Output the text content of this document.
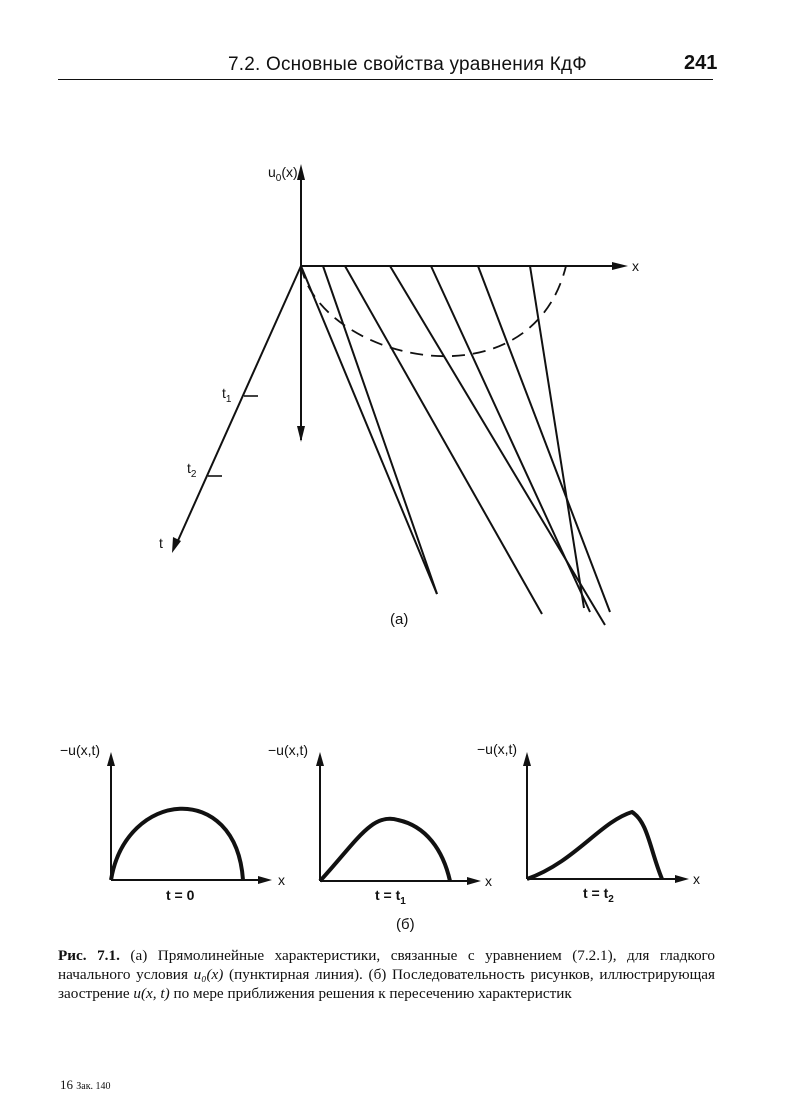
7.2. Основные свойства уравнения КдФ	241
$u_0(x)$
x
t
$t_1$
$t_2$
(а)
−u(x,t)
x
t = 0
−u(x,t)
x
$t = t_1$
−u(x,t)
x
$t = t_2$
(б)
Рис. 7.1. (а) Прямолинейные характеристики, связанные с уравнением (7.2.1), для гладкого начального условия u₀(x) (пунктирная линия). (б) Последовательность рисунков, иллюстрирующая заострение u(x, t) по мере приближения решения к пересечению характеристик
16 Зак. 140
